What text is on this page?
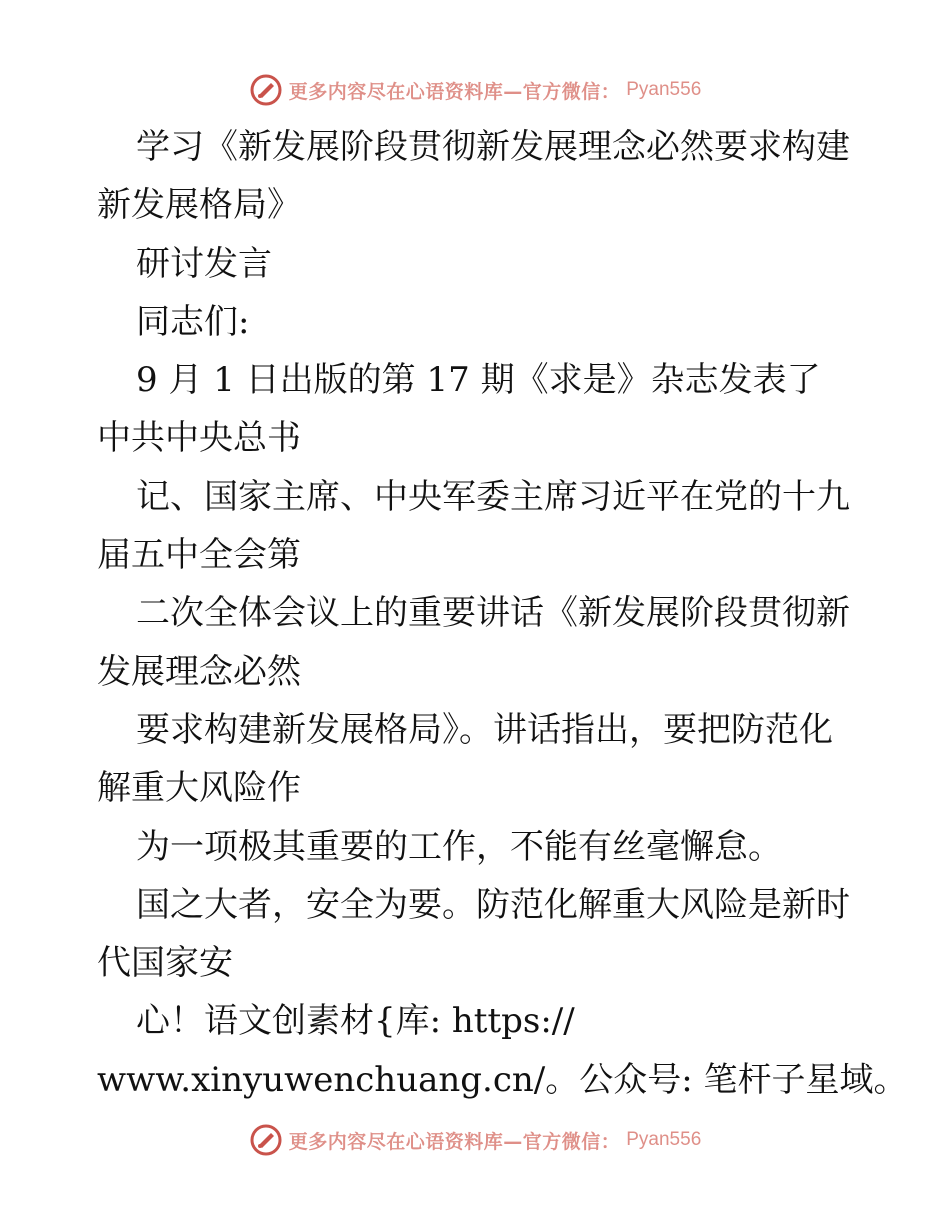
更多内容尽在心语资料库—官方微信： Pyan556
学习《新发展阶段贯彻新发展理念必然要求构建
新发展格局》
研讨发言
同志们:
9 月 1 日出版的第 17 期《求是》杂志发表了
中共中央总书
记、国家主席、中央军委主席习近平在党的十九
届五中全会第
二次全体会议上的重要讲话《新发展阶段贯彻新
发展理念必然
要求构建新发展格局》。讲话指出，要把防范化
解重大风险作
为一项极其重要的工作，不能有丝毫懈怠。
国之大者，安全为要。防范化解重大风险是新时
代国家安
心！语文创素材{库: https://
www.xinyuwenchuang.cn/。公众号: 笔杆子星域。
更多内容尽在心语资料库—官方微信： Pyan556
